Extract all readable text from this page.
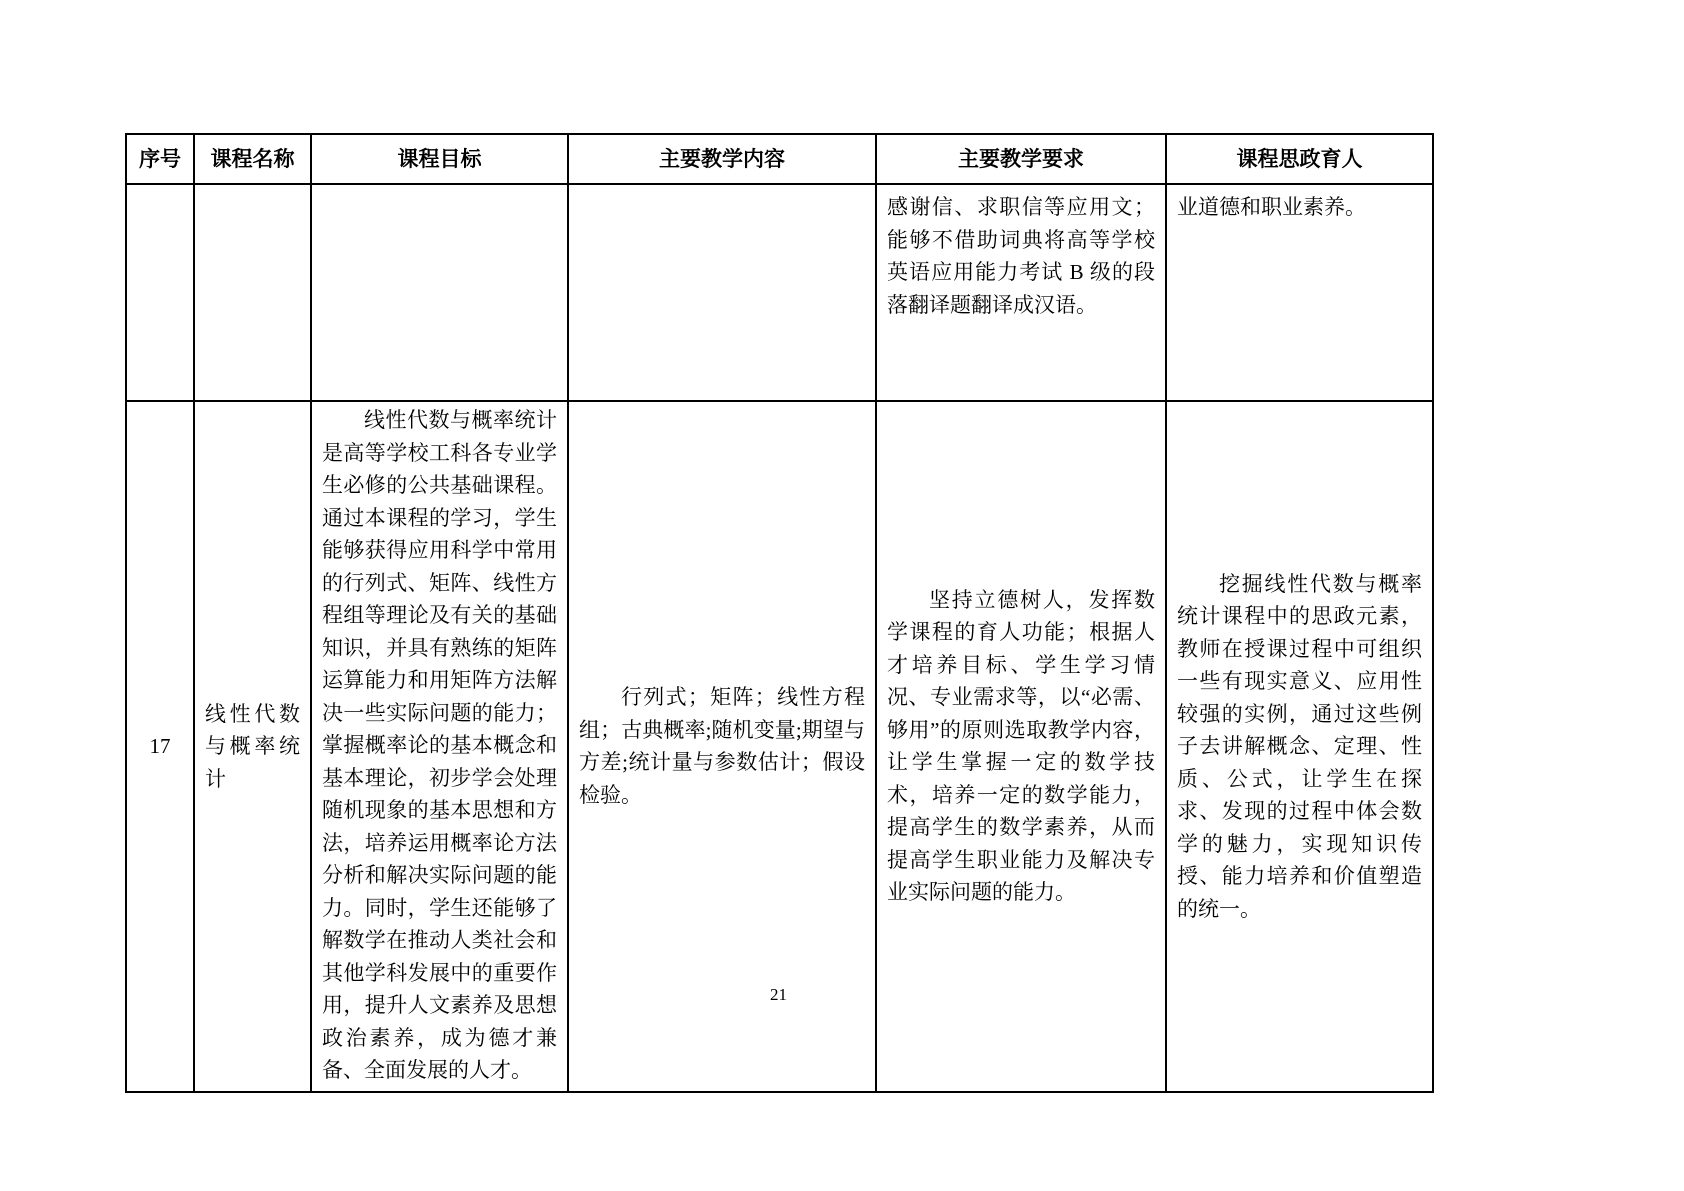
序号	课程名称	课程目标	主要教学内容	主要教学要求	课程思政育人

				感谢信、求职信等应用文；能够不借助词典将高等学校英语应用能力考试 B 级的段落翻译题翻译成汉语。	业道德和职业素养。

17	线性代数与概率统计	线性代数与概率统计是高等学校工科各专业学生必修的公共基础课程。通过本课程的学习，学生能够获得应用科学中常用的行列式、矩阵、线性方程组等理论及有关的基础知识，并具有熟练的矩阵运算能力和用矩阵方法解决一些实际问题的能力；掌握概率论的基本概念和基本理论，初步学会处理随机现象的基本思想和方法，培养运用概率论方法分析和解决实际问题的能力。同时，学生还能够了解数学在推动人类社会和其他学科发展中的重要作用，提升人文素养及思想政治素养，成为德才兼备、全面发展的人才。	行列式；矩阵；线性方程组；古典概率;随机变量;期望与方差;统计量与参数估计；假设检验。	坚持立德树人，发挥数学课程的育人功能；根据人才培养目标、学生学习情况、专业需求等，以“必需、够用”的原则选取教学内容，让学生掌握一定的数学技术，培养一定的数学能力，提高学生的数学素养，从而提高学生职业能力及解决专业实际问题的能力。	挖掘线性代数与概率统计课程中的思政元素，教师在授课过程中可组织一些有现实意义、应用性较强的实例，通过这些例子去讲解概念、定理、性质、公式，让学生在探求、发现的过程中体会数学的魅力，实现知识传授、能力培养和价值塑造的统一。
21
